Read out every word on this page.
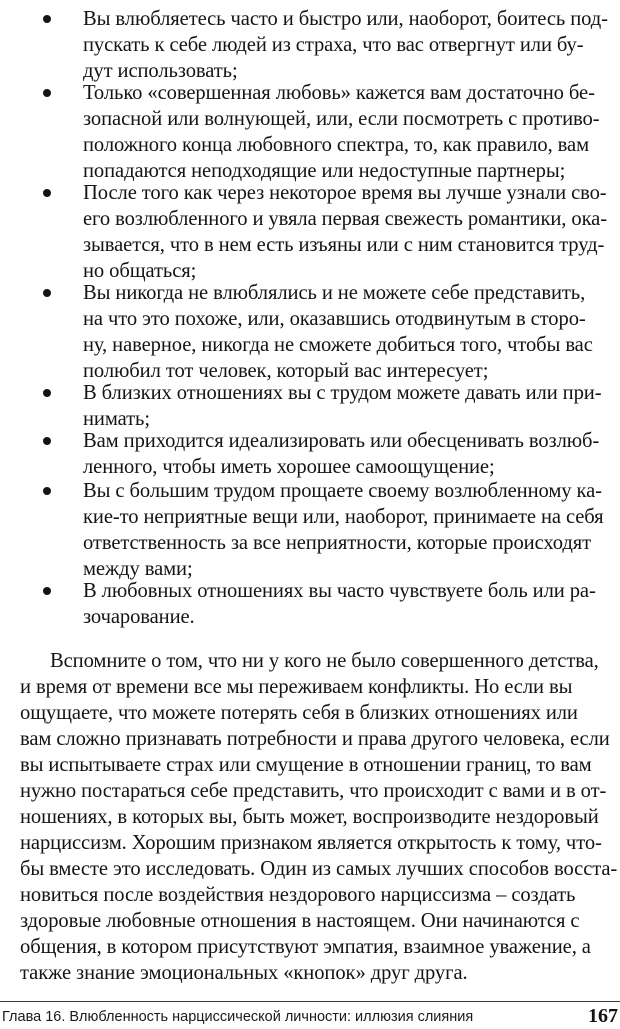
Вы влюбляетесь часто и быстро или, наоборот, боитесь под-
пускать к себе людей из страха, что вас отвергнут или бу-
дут использовать;
Только «совершенная любовь» кажется вам достаточно бе-
зопасной или волнующей, или, если посмотреть с противо-
положного конца любовного спектра, то, как правило, вам
попадаются неподходящие или недоступные партнеры;
После того как через некоторое время вы лучше узнали сво-
его возлюбленного и увяла первая свежесть романтики, ока-
зывается, что в нем есть изъяны или с ним становится труд-
но общаться;
Вы никогда не влюблялись и не можете себе представить,
на что это похоже, или, оказавшись отодвинутым в сторо-
ну, наверное, никогда не сможете добиться того, чтобы вас
полюбил тот человек, который вас интересует;
В близких отношениях вы с трудом можете давать или при-
нимать;
Вам приходится идеализировать или обесценивать возлюб-
ленного, чтобы иметь хорошее самоощущение;
Вы с большим трудом прощаете своему возлюбленному ка-
кие-то неприятные вещи или, наоборот, принимаете на себя
ответственность за все неприятности, которые происходят
между вами;
В любовных отношениях вы часто чувствуете боль или ра-
зочарование.
Вспомните о том, что ни у кого не было совершенного детства,
и время от времени все мы переживаем конфликты. Но если вы
ощущаете, что можете потерять себя в близких отношениях или
вам сложно признавать потребности и права другого человека, если
вы испытываете страх или смущение в отношении границ, то вам
нужно постараться себе представить, что происходит с вами и в от-
ношениях, в которых вы, быть может, воспроизводите нездоровый
нарциссизм. Хорошим признаком является открытость к тому, что-
бы вместе это исследовать. Один из самых лучших способов восста-
новиться после воздействия нездорового нарциссизма – создать
здоровые любовные отношения в настоящем. Они начинаются с
общения, в котором присутствуют эмпатия, взаимное уважение, а
также знание эмоциональных «кнопок» друг друга.
Глава 16. Влюбленность нарциссической личности: иллюзия слияния	167
